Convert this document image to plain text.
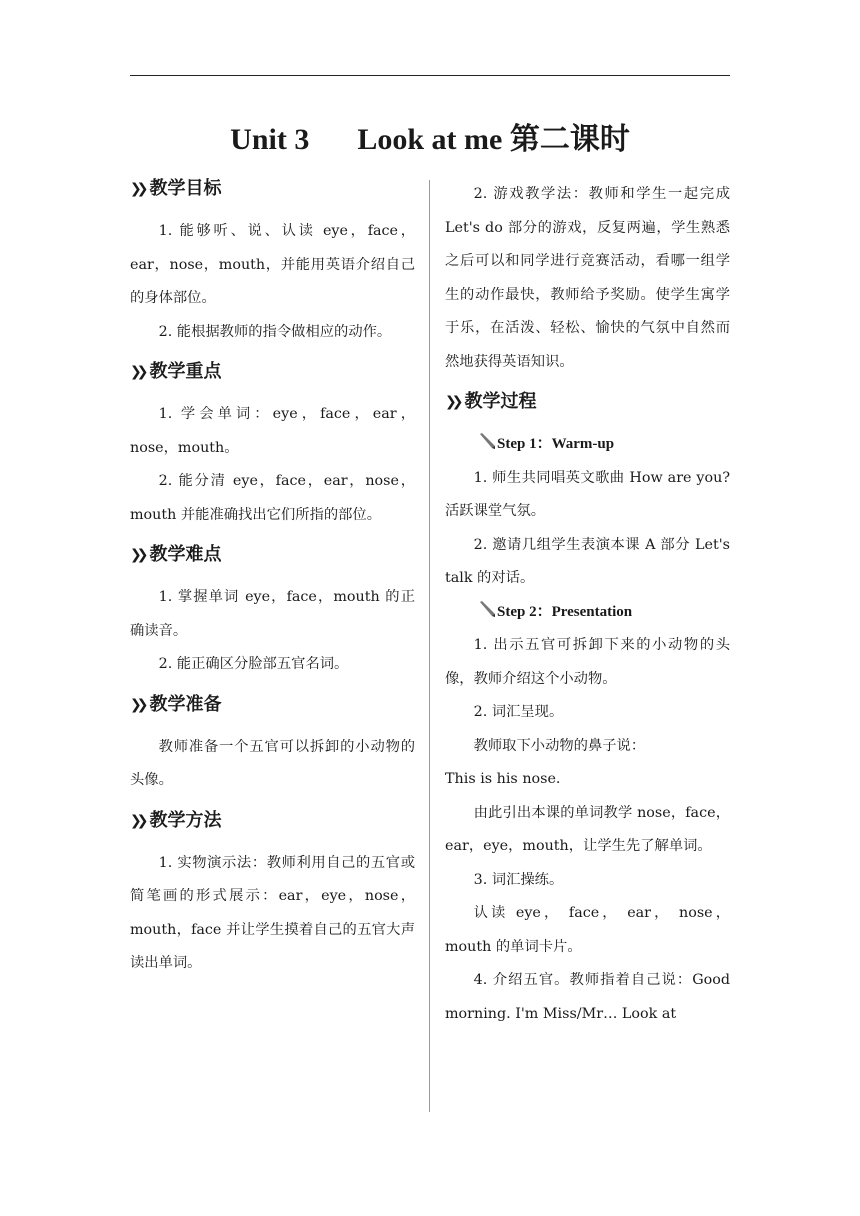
Unit 3 Look at me 第二课时
❯❯ 教学目标

1. 能够听、说、认读 eye，face，ear，nose，mouth，并能用英语介绍自己的身体部位。

2. 能根据教师的指令做相应的动作。

❯❯ 教学重点

1. 学会单词：eye，face，ear，nose，mouth。

2. 能分清 eye，face，ear，nose，mouth 并能准确找出它们所指的部位。

❯❯ 教学难点

1. 掌握单词 eye，face，mouth 的正确读音。

2. 能正确区分脸部五官名词。

❯❯ 教学准备

教师准备一个五官可以拆卸的小动物的头像。

❯❯ 教学方法

1. 实物演示法：教师利用自己的五官或简笔画的形式展示：ear，eye，nose，mouth，face 并让学生摸着自己的五官大声读出单词。

2. 游戏教学法：教师和学生一起完成 Let's do 部分的游戏，反复两遍，学生熟悉之后可以和同学进行竞赛活动，看哪一组学生的动作最快，教师给予奖励。使学生寓学于乐，在活泼、轻松、愉快的气氛中自然而然地获得英语知识。

❯❯ 教学过程
Step 1：Warm-up

1. 师生共同唱英文歌曲 How are you?活跃课堂气氛。

2. 邀请几组学生表演本课 A 部分 Let's talk 的对话。

Step 2：Presentation

1. 出示五官可拆卸下来的小动物的头像，教师介绍这个小动物。

2. 词汇呈现。

教师取下小动物的鼻子说：

This is his nose.

由此引出本课的单词教学 nose，face，ear，eye，mouth，让学生先了解单词。

3. 词汇操练。

认读 eye， face， ear， nose，mouth 的单词卡片。

4. 介绍五官。教师指着自己说：Good morning. I'm Miss/Mr… Look at
